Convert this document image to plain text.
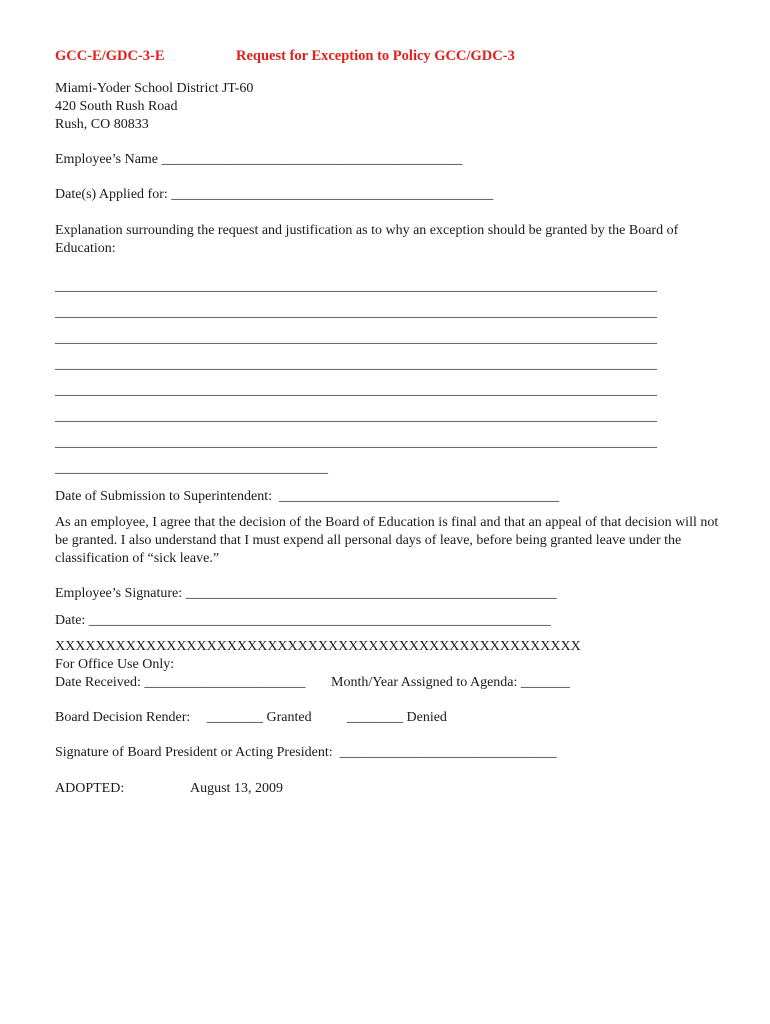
GCC-E/GDC-3-E	Request for Exception to Policy GCC/GDC-3
Miami-Yoder School District JT-60
420 South Rush Road
Rush, CO 80833
Employee’s Name ___________________________________________
Date(s) Applied for: ______________________________________________
Explanation surrounding the request and justification as to why an exception should be granted by the Board of Education:
______________________________________________________________________________________
______________________________________________________________________________________
______________________________________________________________________________________
______________________________________________________________________________________
______________________________________________________________________________________
______________________________________________________________________________________
______________________________________________________________________________________
_______________________________________
Date of Submission to Superintendent:  ________________________________________
As an employee, I agree that the decision of the Board of Education is final and that an appeal of that decision will not be granted. I also understand that I must expend all personal days of leave, before being granted leave under the classification of “sick leave.”
Employee’s Signature: _____________________________________________________
Date: __________________________________________________________________
XXXXXXXXXXXXXXXXXXXXXXXXXXXXXXXXXXXXXXXXXXXXXXXXXXXX
For Office Use Only:
Date Received: _______________________ Month/Year Assigned to Agenda: _______
Board Decision Render: ________ Granted	________ Denied
Signature of Board President or Acting President:  _______________________________
ADOPTED:	August 13, 2009
